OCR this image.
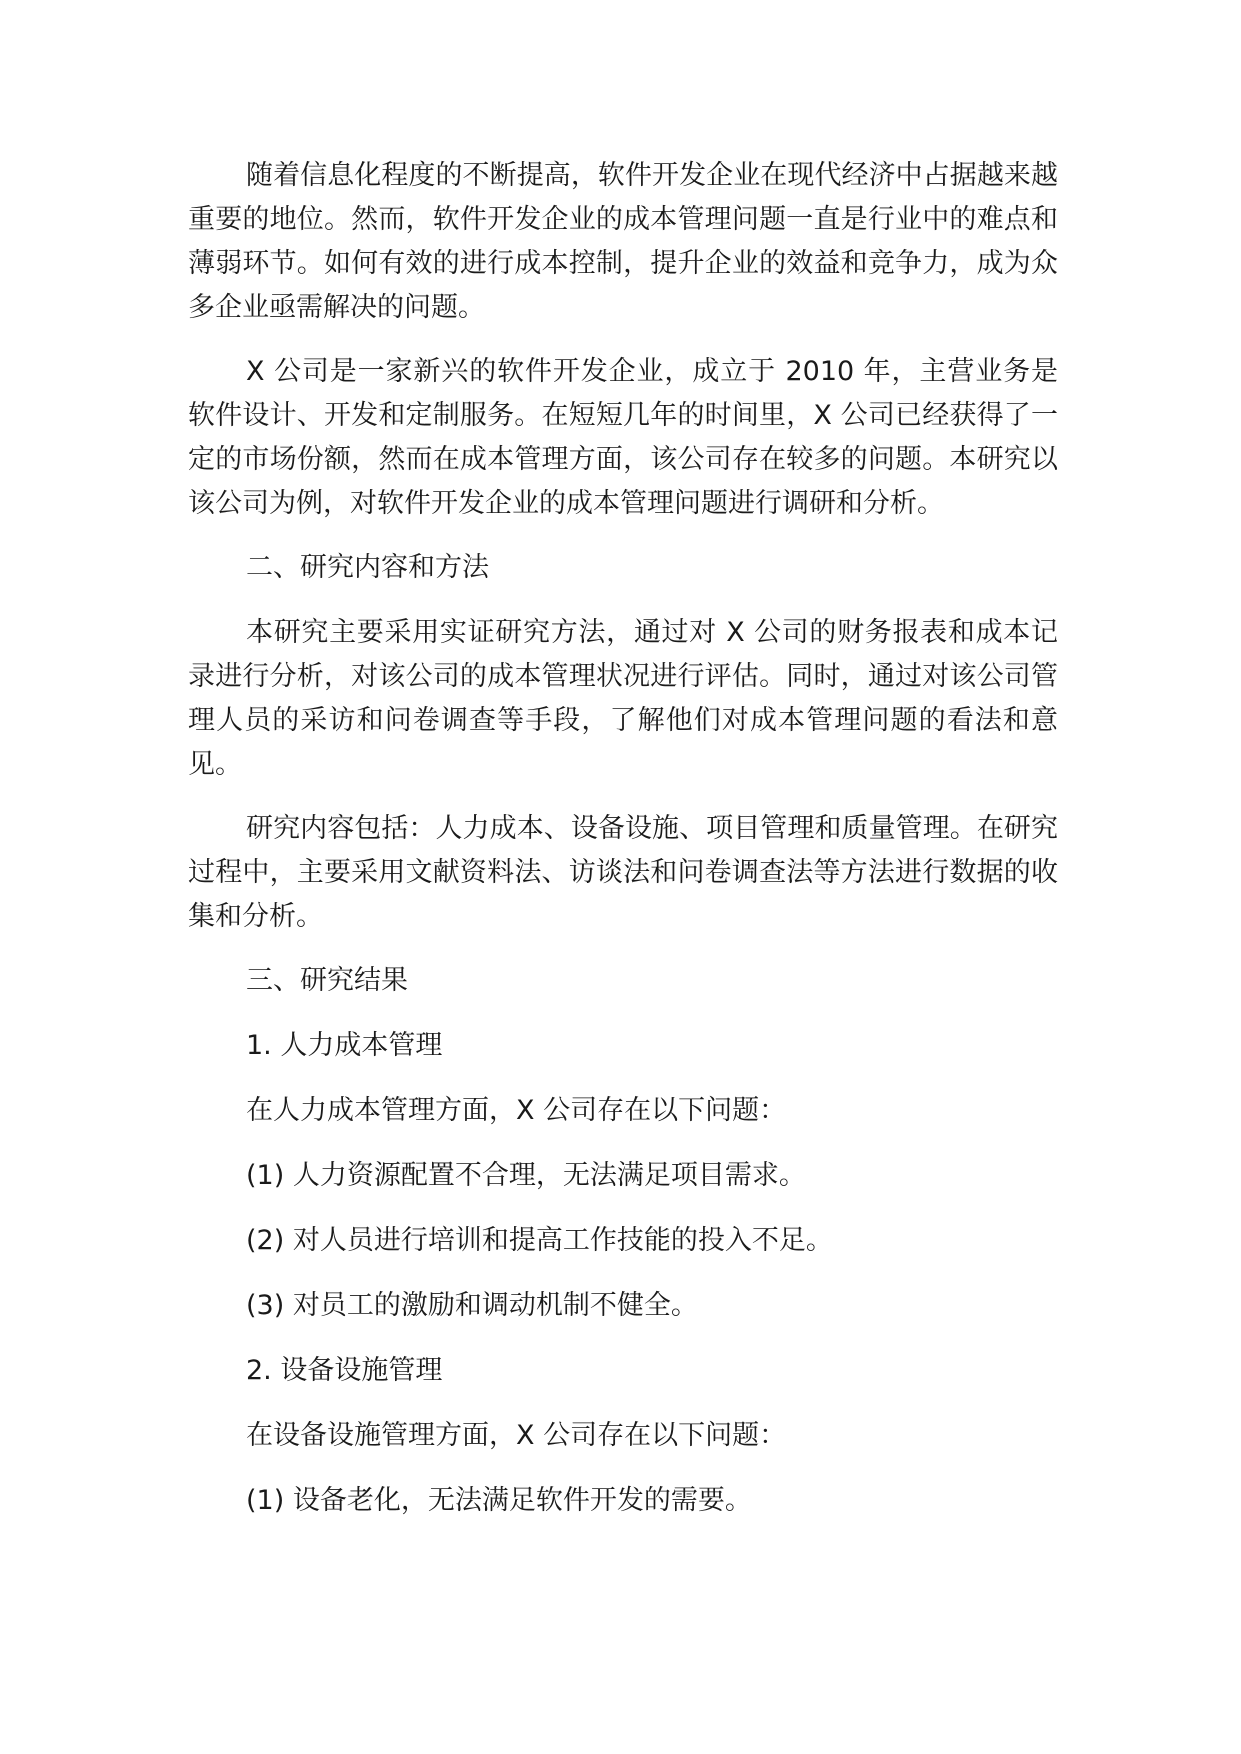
随着信息化程度的不断提高，软件开发企业在现代经济中占据越来越重要的地位。然而，软件开发企业的成本管理问题一直是行业中的难点和薄弱环节。如何有效的进行成本控制，提升企业的效益和竞争力，成为众多企业亟需解决的问题。

X 公司是一家新兴的软件开发企业，成立于 2010 年，主营业务是软件设计、开发和定制服务。在短短几年的时间里，X 公司已经获得了一定的市场份额，然而在成本管理方面，该公司存在较多的问题。本研究以该公司为例，对软件开发企业的成本管理问题进行调研和分析。

二、研究内容和方法

本研究主要采用实证研究方法，通过对 X 公司的财务报表和成本记录进行分析，对该公司的成本管理状况进行评估。同时，通过对该公司管理人员的采访和问卷调查等手段，了解他们对成本管理问题的看法和意见。

研究内容包括：人力成本、设备设施、项目管理和质量管理。在研究过程中，主要采用文献资料法、访谈法和问卷调查法等方法进行数据的收集和分析。

三、研究结果

1. 人力成本管理

在人力成本管理方面，X 公司存在以下问题：

(1) 人力资源配置不合理，无法满足项目需求。

(2) 对人员进行培训和提高工作技能的投入不足。

(3) 对员工的激励和调动机制不健全。

2. 设备设施管理

在设备设施管理方面，X 公司存在以下问题：

(1) 设备老化，无法满足软件开发的需要。
